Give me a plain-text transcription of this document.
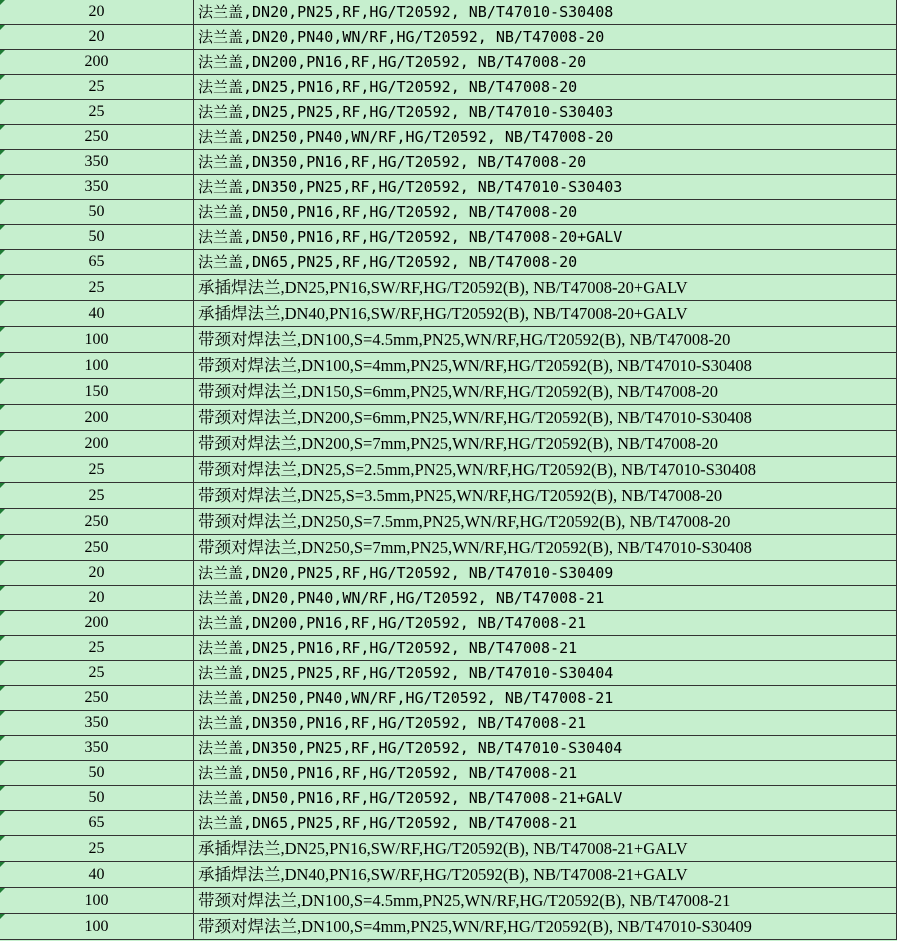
20	法兰盖,DN20,PN25,RF,HG/T20592, NB/T47010-S30408
20	法兰盖,DN20,PN40,WN/RF,HG/T20592, NB/T47008-20
200	法兰盖,DN200,PN16,RF,HG/T20592, NB/T47008-20
25	法兰盖,DN25,PN16,RF,HG/T20592, NB/T47008-20
25	法兰盖,DN25,PN25,RF,HG/T20592, NB/T47010-S30403
250	法兰盖,DN250,PN40,WN/RF,HG/T20592, NB/T47008-20
350	法兰盖,DN350,PN16,RF,HG/T20592, NB/T47008-20
350	法兰盖,DN350,PN25,RF,HG/T20592, NB/T47010-S30403
50	法兰盖,DN50,PN16,RF,HG/T20592, NB/T47008-20
50	法兰盖,DN50,PN16,RF,HG/T20592, NB/T47008-20+GALV
65	法兰盖,DN65,PN25,RF,HG/T20592, NB/T47008-20
25	承插焊法兰,DN25,PN16,SW/RF,HG/T20592(B), NB/T47008-20+GALV
40	承插焊法兰,DN40,PN16,SW/RF,HG/T20592(B), NB/T47008-20+GALV
100	带颈对焊法兰,DN100,S=4.5mm,PN25,WN/RF,HG/T20592(B), NB/T47008-20
100	带颈对焊法兰,DN100,S=4mm,PN25,WN/RF,HG/T20592(B), NB/T47010-S30408
150	带颈对焊法兰,DN150,S=6mm,PN25,WN/RF,HG/T20592(B), NB/T47008-20
200	带颈对焊法兰,DN200,S=6mm,PN25,WN/RF,HG/T20592(B), NB/T47010-S30408
200	带颈对焊法兰,DN200,S=7mm,PN25,WN/RF,HG/T20592(B), NB/T47008-20
25	带颈对焊法兰,DN25,S=2.5mm,PN25,WN/RF,HG/T20592(B), NB/T47010-S30408
25	带颈对焊法兰,DN25,S=3.5mm,PN25,WN/RF,HG/T20592(B), NB/T47008-20
250	带颈对焊法兰,DN250,S=7.5mm,PN25,WN/RF,HG/T20592(B), NB/T47008-20
250	带颈对焊法兰,DN250,S=7mm,PN25,WN/RF,HG/T20592(B), NB/T47010-S30408
20	法兰盖,DN20,PN25,RF,HG/T20592, NB/T47010-S30409
20	法兰盖,DN20,PN40,WN/RF,HG/T20592, NB/T47008-21
200	法兰盖,DN200,PN16,RF,HG/T20592, NB/T47008-21
25	法兰盖,DN25,PN16,RF,HG/T20592, NB/T47008-21
25	法兰盖,DN25,PN25,RF,HG/T20592, NB/T47010-S30404
250	法兰盖,DN250,PN40,WN/RF,HG/T20592, NB/T47008-21
350	法兰盖,DN350,PN16,RF,HG/T20592, NB/T47008-21
350	法兰盖,DN350,PN25,RF,HG/T20592, NB/T47010-S30404
50	法兰盖,DN50,PN16,RF,HG/T20592, NB/T47008-21
50	法兰盖,DN50,PN16,RF,HG/T20592, NB/T47008-21+GALV
65	法兰盖,DN65,PN25,RF,HG/T20592, NB/T47008-21
25	承插焊法兰,DN25,PN16,SW/RF,HG/T20592(B), NB/T47008-21+GALV
40	承插焊法兰,DN40,PN16,SW/RF,HG/T20592(B), NB/T47008-21+GALV
100	带颈对焊法兰,DN100,S=4.5mm,PN25,WN/RF,HG/T20592(B), NB/T47008-21
100	带颈对焊法兰,DN100,S=4mm,PN25,WN/RF,HG/T20592(B), NB/T47010-S30409
